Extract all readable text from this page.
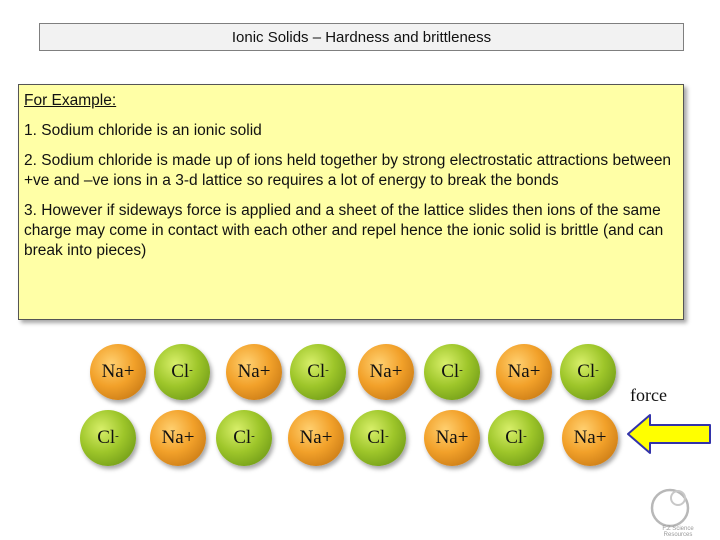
Ionic Solids – Hardness and brittleness

For Example:

1. Sodium chloride is an ionic solid

2. Sodium chloride is made up of ions held together by strong electrostatic attractions between +ve and –ve ions in a 3-d lattice so requires a lot of energy to break the bonds

3. However if sideways force is applied and a sheet of the lattice slides then ions of the same charge may come in contact with each other and repel hence the ionic solid is brittle (and can break into pieces)

Na+ Cl- Na+ Cl- Na+ Cl- Na+ Cl-
Cl- Na+ Cl- Na+ Cl- Na+ Cl- Na+
force
F.Z Science
Resources
